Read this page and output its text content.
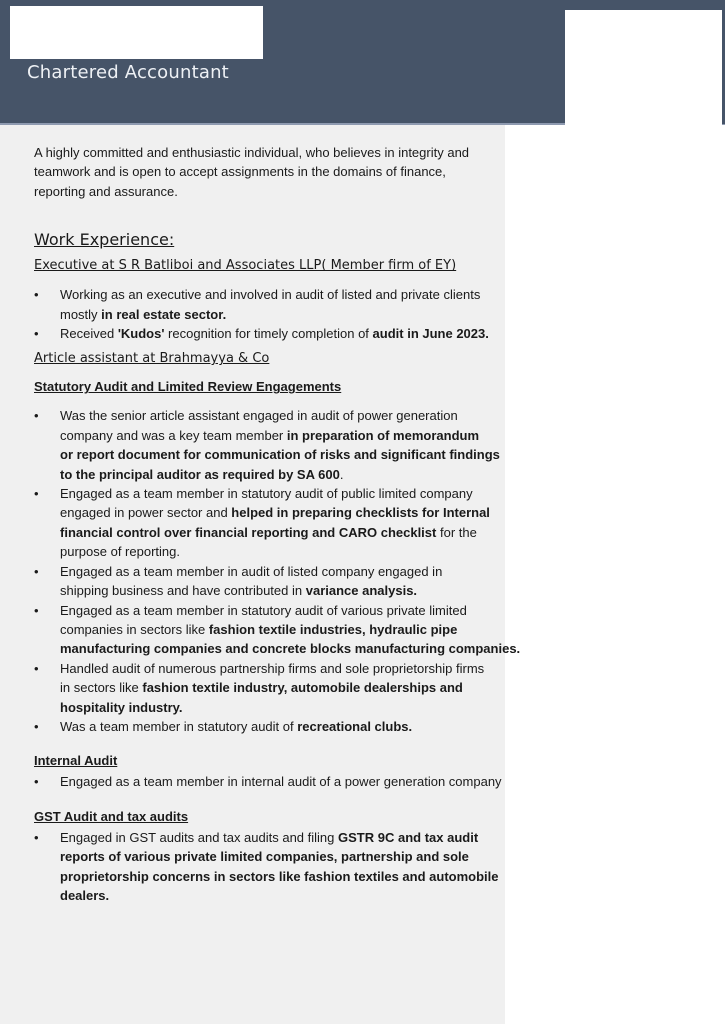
Chartered Accountant

A highly committed and enthusiastic individual, who believes in integrity and teamwork and is open to accept assignments in the domains of finance, reporting and assurance.

Work Experience:
Executive at S R Batliboi and Associates LLP( Member firm of EY)
• Working as an executive and involved in audit of listed and private clients
mostly in real estate sector.
• Received 'Kudos' recognition for timely completion of audit in June 2023.
Article assistant at Brahmayya & Co
Statutory Audit and Limited Review Engagements
• Was the senior article assistant engaged in audit of power generation
company and was a key team member in preparation of memorandum
or report document for communication of risks and significant findings
to the principal auditor as required by SA 600.
• Engaged as a team member in statutory audit of public limited company
engaged in power sector and helped in preparing checklists for Internal
financial control over financial reporting and CARO checklist for the
purpose of reporting.
• Engaged as a team member in audit of listed company engaged in
shipping business and have contributed in variance analysis.
• Engaged as a team member in statutory audit of various private limited
companies in sectors like fashion textile industries, hydraulic pipe
manufacturing companies and concrete blocks manufacturing companies.
• Handled audit of numerous partnership firms and sole proprietorship firms
in sectors like fashion textile industry, automobile dealerships and
hospitality industry.
• Was a team member in statutory audit of recreational clubs.
Internal Audit
• Engaged as a team member in internal audit of a power generation company
GST Audit and tax audits
• Engaged in GST audits and tax audits and filing GSTR 9C and tax audit
reports of various private limited companies, partnership and sole
proprietorship concerns in sectors like fashion textiles and automobile
dealers.
